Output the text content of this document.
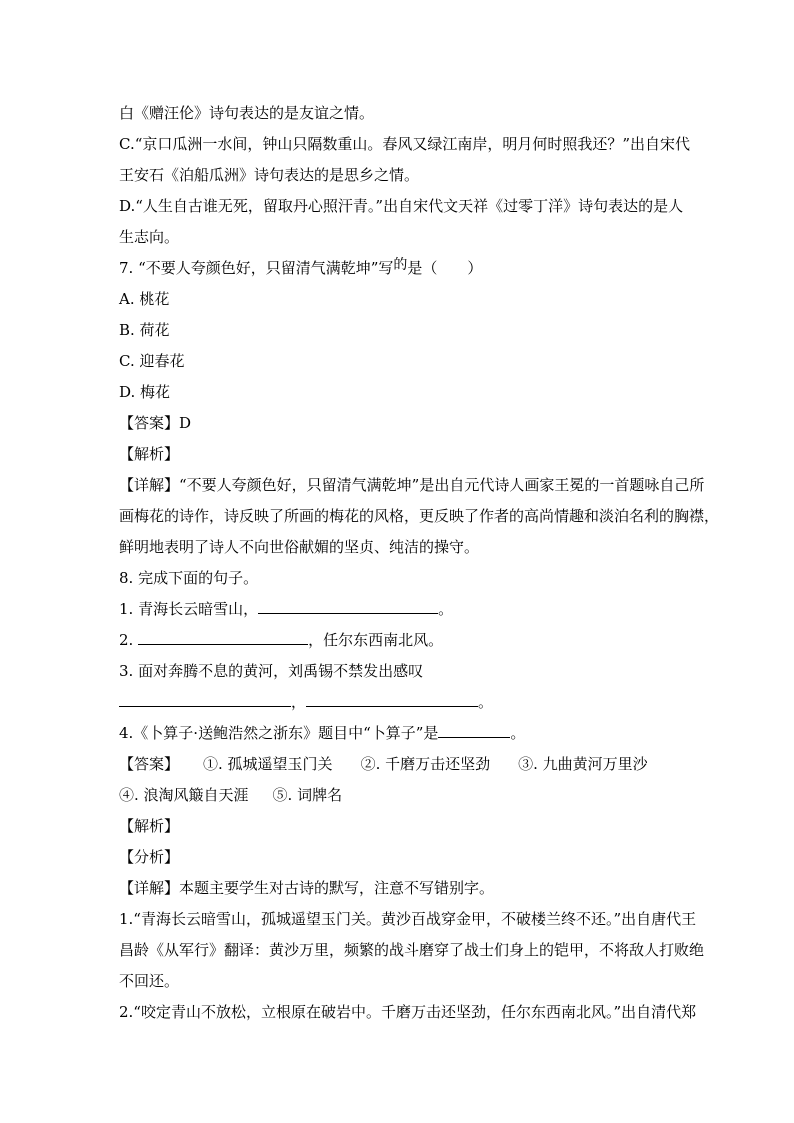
白《赠汪伦》诗句表达的是友谊之情。
C.“京口瓜洲一水间，钟山只隔数重山。春风又绿江南岸，明月何时照我还？”出自宋代
王安石《泊船瓜洲》诗句表达的是思乡之情。
D.“人生自古谁无死，留取丹心照汗青。”出自宋代文天祥《过零丁洋》诗句表达的是人
生志向。
7. “不要人夸颜色好，只留清气满乾坤”写的是（　　）
A. 桃花
B. 荷花
C. 迎春花
D. 梅花
【答案】D
【解析】
【详解】“不要人夸颜色好，只留清气满乾坤”是出自元代诗人画家王冕的一首题咏自己所
画梅花的诗作，诗反映了所画的梅花的风格，更反映了作者的高尚情趣和淡泊名利的胸襟，
鲜明地表明了诗人不向世俗献媚的坚贞、纯洁的操守。
8. 完成下面的句子。
1. 青海长云暗雪山，	。
2.	，任尔东西南北风。
3. 面对奔腾不息的黄河，刘禹锡不禁发出感叹
，	。
4.《卜算子·送鲍浩然之浙东》题目中“卜算子”是	。
【答案】 ①. 孤城遥望玉门关 ②. 千磨万击还坚劲 ③. 九曲黄河万里沙
④. 浪淘风簸自天涯 ⑤. 词牌名
【解析】
【分析】
【详解】本题主要学生对古诗的默写，注意不写错别字。
1.“青海长云暗雪山，孤城遥望玉门关。黄沙百战穿金甲，不破楼兰终不还。”出自唐代王
昌龄《从军行》翻译：黄沙万里，频繁的战斗磨穿了战士们身上的铠甲，不将敌人打败绝
不回还。
2.“咬定青山不放松，立根原在破岩中。千磨万击还坚劲，任尔东西南北风。”出自清代郑
